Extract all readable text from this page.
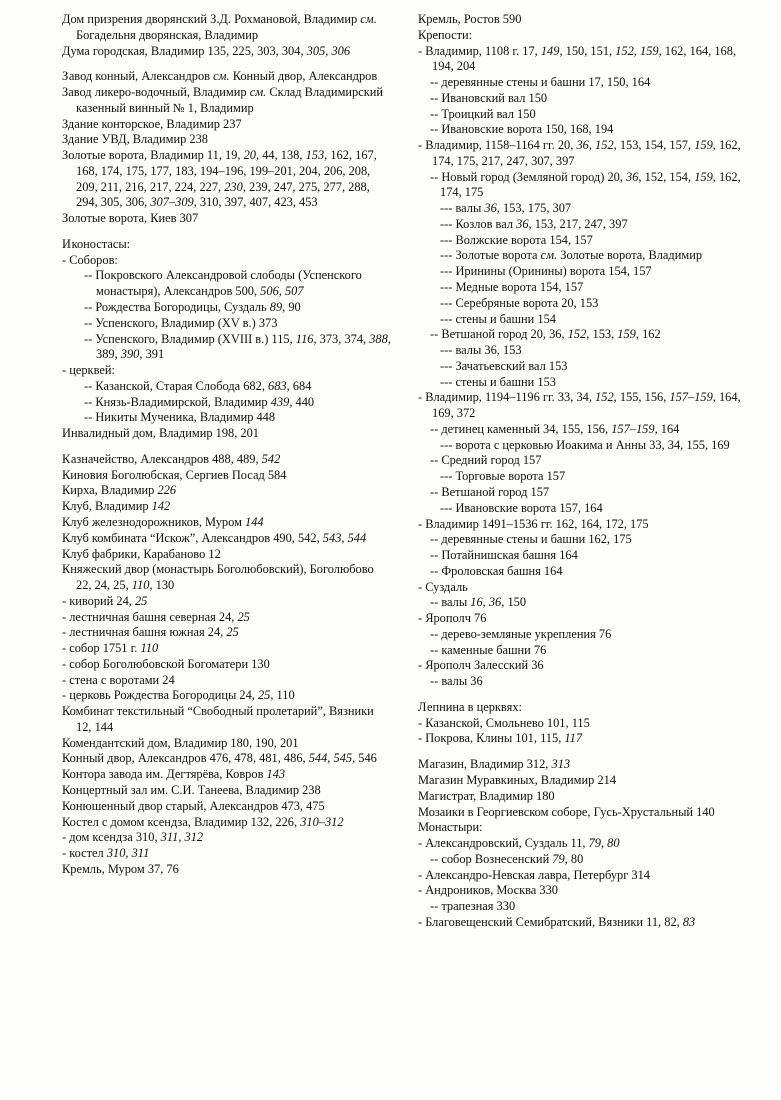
Дом призрения дворянский З.Д. Рохмановой, Владимир см. Богадельня дворянская, Владимир
Дума городская, Владимир 135, 225, 303, 304, 305, 306
Завод конный, Александров см. Конный двор, Александров
Завод ликеро-водочный, Владимир см. Склад Владимирский казенный винный № 1, Владимир
Здание конторское, Владимир 237
Здание УВД, Владимир 238
Золотые ворота, Владимир 11, 19, 20, 44, 138, 153, 162, 167, 168, 174, 175, 177, 183, 194–196, 199–201, 204, 206, 208, 209, 211, 216, 217, 224, 227, 230, 239, 247, 275, 277, 288, 294, 305, 306, 307–309, 310, 397, 407, 423, 453
Золотые ворота, Киев 307
Иконостасы:
- Соборов:
-- Покровского Александровой слободы (Успенского монастыря), Александров 500, 506, 507
-- Рождества Богородицы, Суздаль 89, 90
-- Успенского, Владимир (XV в.) 373
-- Успенского, Владимир (XVIII в.) 115, 116, 373, 374, 388, 389, 390, 391
- церквей:
-- Казанской, Старая Слобода 682, 683, 684
-- Князь-Владимирской, Владимир 439, 440
-- Никиты Мученика, Владимир 448
Инвалидный дом, Владимир 198, 201
Казначейство, Александров 488, 489, 542
Киновия Боголюбская, Сергиев Посад 584
Кирха, Владимир 226
Клуб, Владимир 142
Клуб железнодорожников, Муром 144
Клуб комбината “Искож”, Александров 490, 542, 543, 544
Клуб фабрики, Карабаново 12
Княжеский двор (монастырь Боголюбовский), Боголюбово 22, 24, 25, 110, 130
- киворий 24, 25
- лестничная башня северная 24, 25
- лестничная башня южная 24, 25
- собор 1751 г. 110
- собор Боголюбовской Богоматери 130
- стена с воротами 24
- церковь Рождества Богородицы 24, 25, 110
Комбинат текстильный “Свободный пролетарий”, Вязники 12, 144
Комендантский дом, Владимир 180, 190, 201
Конный двор, Александров 476, 478, 481, 486, 544, 545, 546
Контора завода им. Дегтярёва, Ковров 143
Концертный зал им. С.И. Танеева, Владимир 238
Конюшенный двор старый, Александров 473, 475
Костел с домом ксендза, Владимир 132, 226, 310–312
- дом ксендза 310, 311, 312
- костел 310, 311
Кремль, Муром 37, 76
Кремль, Ростов 590
Крепости:
- Владимир, 1108 г. 17, 149, 150, 151, 152, 159, 162, 164, 168, 194, 204
-- деревянные стены и башни 17, 150, 164
-- Ивановский вал 150
-- Троицкий вал 150
-- Ивановские ворота 150, 168, 194
- Владимир, 1158–1164 гг. 20, 36, 152, 153, 154, 157, 159, 162, 174, 175, 217, 247, 307, 397
-- Новый город (Земляной город) 20, 36, 152, 154, 159, 162, 174, 175
--- валы 36, 153, 175, 307
--- Козлов вал 36, 153, 217, 247, 397
--- Волжские ворота 154, 157
--- Золотые ворота см. Золотые ворота, Владимир
--- Иринины (Оринины) ворота 154, 157
--- Медные ворота 154, 157
--- Серебряные ворота 20, 153
--- стены и башни 154
-- Ветшаной город 20, 36, 152, 153, 159, 162
--- валы 36, 153
--- Зачатьевский вал 153
--- стены и башни 153
- Владимир, 1194–1196 гг. 33, 34, 152, 155, 156, 157–159, 164, 169, 372
-- детинец каменный 34, 155, 156, 157–159, 164
--- ворота с церковью Иоакима и Анны 33, 34, 155, 169
-- Средний город 157
--- Торговые ворота 157
-- Ветшаной город 157
--- Ивановские ворота 157, 164
- Владимир 1491–1536 гг. 162, 164, 172, 175
-- деревянные стены и башни 162, 175
-- Потайнишская башня 164
-- Фроловская башня 164
- Суздаль
-- валы 16, 36, 150
- Ярополч 76
-- дерево-земляные укрепления 76
-- каменные башни 76
- Ярополч Залесский 36
-- валы 36
Лепнина в церквях:
- Казанской, Смольнево 101, 115
- Покрова, Клины 101, 115, 117
Магазин, Владимир 312, 313
Магазин Муравкиных, Владимир 214
Магистрат, Владимир 180
Мозаики в Георгиевском соборе, Гусь-Хрустальный 140
Монастыри:
- Александровский, Суздаль 11, 79, 80
-- собор Вознесенский 79, 80
- Александро-Невская лавра, Петербург 314
- Андроников, Москва 330
-- трапезная 330
- Благовещенский Семибратский, Вязники 11, 82, 83
